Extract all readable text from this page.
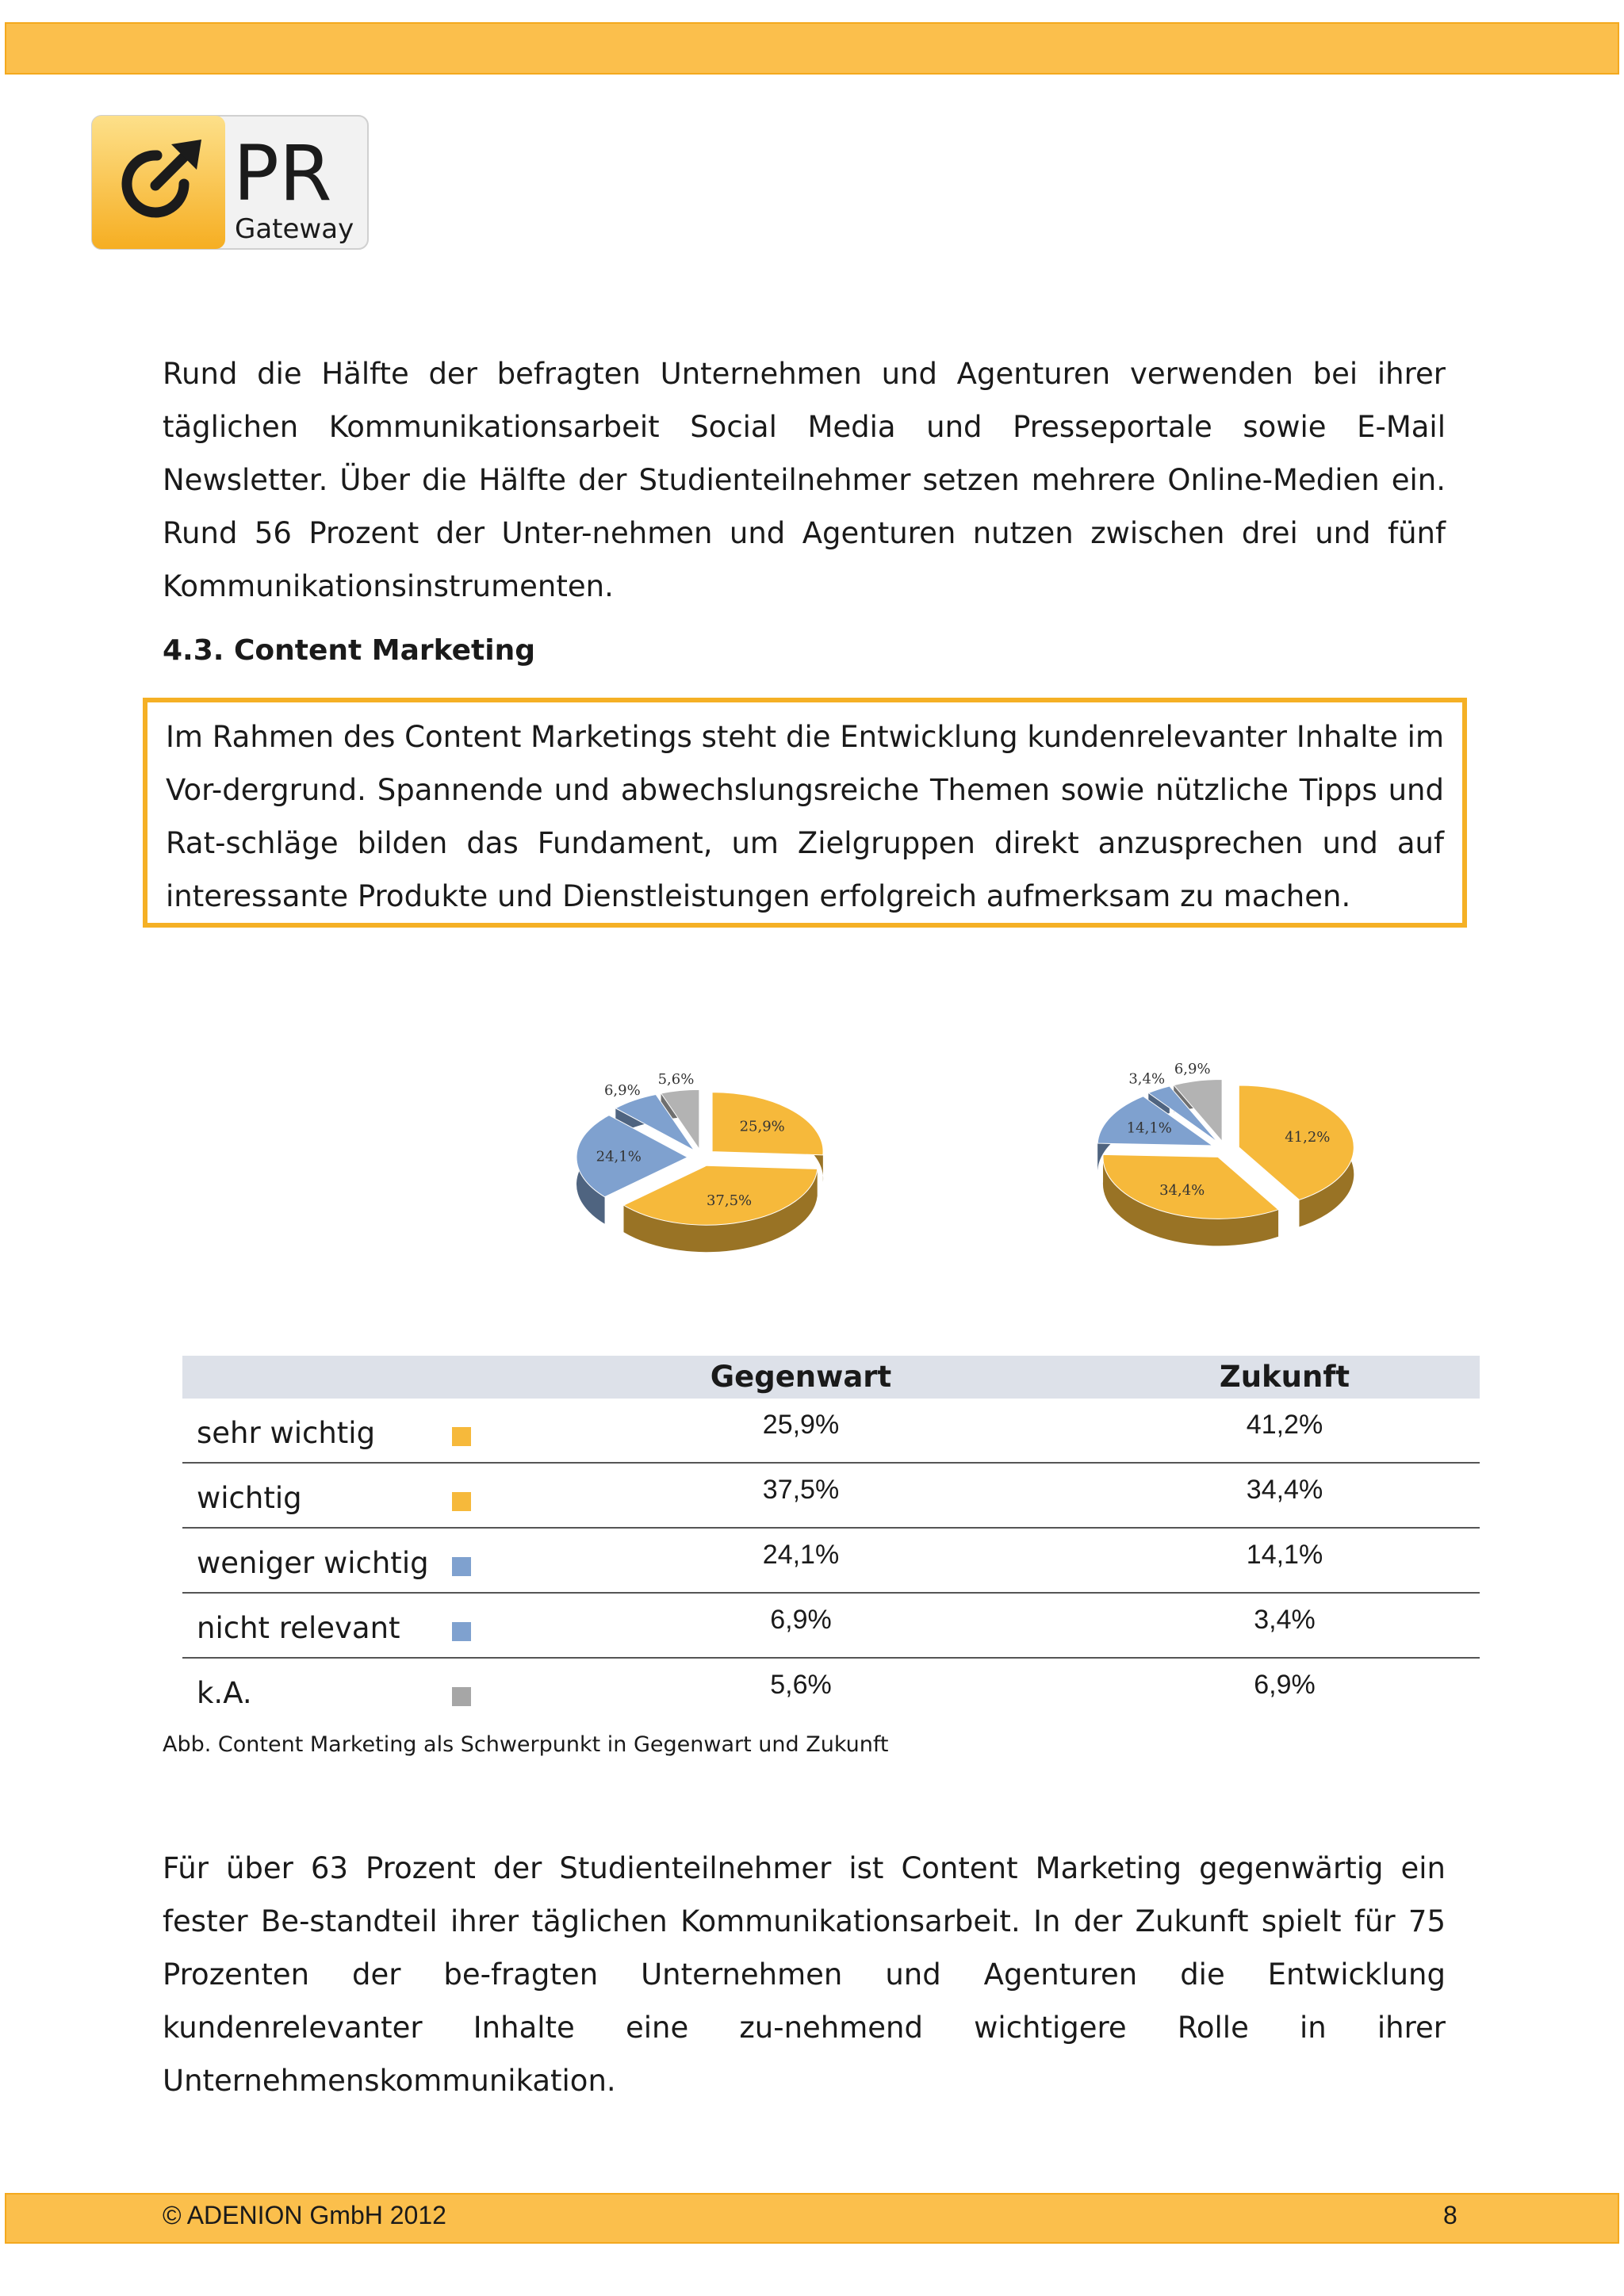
PR
Gateway

Rund die Hälfte der befragten Unternehmen und Agenturen verwenden bei ihrer täglichen Kommunikationsarbeit Social Media und Presseportale sowie E-Mail Newsletter. Über die Hälfte der Studienteilnehmer setzen mehrere Online-Medien ein. Rund 56 Prozent der Unter-nehmen und Agenturen nutzen zwischen drei und fünf Kommunikationsinstrumenten.

4.3. Content Marketing

Im Rahmen des Content Marketings steht die Entwicklung kundenrelevanter Inhalte im Vor-dergrund. Spannende und abwechslungsreiche Themen sowie nützliche Tipps und Rat-schläge bilden das Fundament, um Zielgruppen direkt anzusprechen und auf interessante Produkte und Dienstleistungen erfolgreich aufmerksam zu machen.

25,9%
37,5%
24,1%
6,9%
5,6%
41,2%
34,4%
14,1%
3,4%
6,9%
Gegenwart	Zukunft
sehr wichtig	25,9%	41,2%
wichtig	37,5%	34,4%
weniger wichtig	24,1%	14,1%
nicht relevant	6,9%	3,4%
k.A.	5,6%	6,9%

Abb. Content Marketing als Schwerpunkt in Gegenwart und Zukunft

Für über 63 Prozent der Studienteilnehmer ist Content Marketing gegenwärtig ein fester Be-standteil ihrer täglichen Kommunikationsarbeit. In der Zukunft spielt für 75 Prozenten der be-fragten Unternehmen und Agenturen die Entwicklung kundenrelevanter Inhalte eine zu-nehmend wichtigere Rolle in ihrer Unternehmenskommunikation.

© ADENION GmbH 2012	8
